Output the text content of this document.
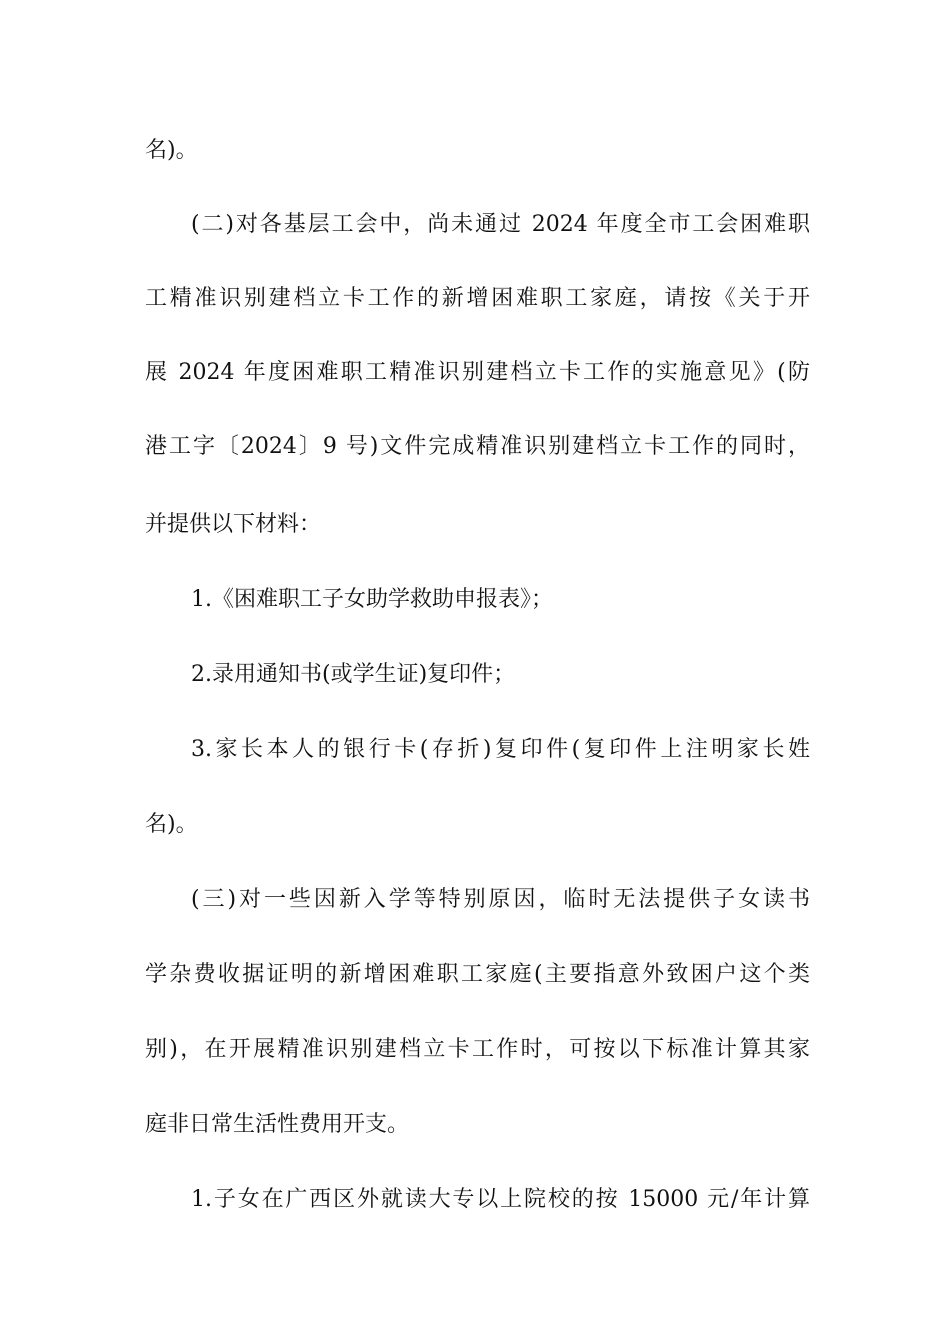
名)。
(二)对各基层工会中，尚未通过 2024 年度全市工会困难职
工精准识别建档立卡工作的新增困难职工家庭，请按《关于开
展 2024 年度困难职工精准识别建档立卡工作的实施意见》(防
港工字〔2024〕9 号)文件完成精准识别建档立卡工作的同时，
并提供以下材料：
1.《困难职工子女助学救助申报表》；
2.录用通知书(或学生证)复印件；
3.家长本人的银行卡(存折)复印件(复印件上注明家长姓
名)。
(三)对一些因新入学等特别原因，临时无法提供子女读书
学杂费收据证明的新增困难职工家庭(主要指意外致困户这个类
别)，在开展精准识别建档立卡工作时，可按以下标准计算其家
庭非日常生活性费用开支。
1.子女在广西区外就读大专以上院校的按 15000 元/年计算
